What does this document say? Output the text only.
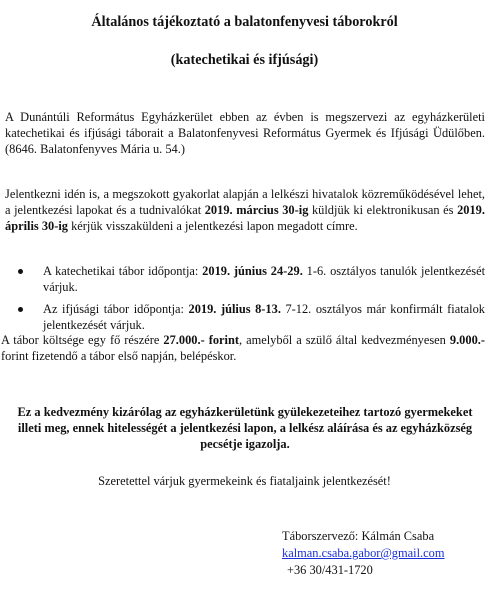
Általános tájékoztató a balatonfenyvesi táborokról
(katechetikai és ifjúsági)

A Dunántúli Református Egyházkerület ebben az évben is megszervezi az egyházkerületi katechetikai és ifjúsági táborait a Balatonfenyvesi Református Gyermek és Ifjúsági Üdülőben. (8646. Balatonfenyves Mária u. 54.)

Jelentkezni idén is, a megszokott gyakorlat alapján a lelkészi hivatalok közreműködésével lehet, a jelentkezési lapokat és a tudnivalókat 2019. március 30-ig küldjük ki elektronikusan és 2019. április 30-ig kérjük visszaküldeni a jelentkezési lapon megadott címre.

A katechetikai tábor időpontja: 2019. június 24-29. 1-6. osztályos tanulók jelentkezését várjuk.
Az ifjúsági tábor időpontja: 2019. július 8-13. 7-12. osztályos már konfirmált fiatalok jelentkezését várjuk.

A tábor költsége egy fő részére 27.000.- forint, amelyből a szülő által kedvezményesen 9.000.- forint fizetendő a tábor első napján, belépéskor.

Ez a kedvezmény kizárólag az egyházkerületünk gyülekezeteihez tartozó gyermekeket illeti meg, ennek hitelességét a jelentkezési lapon, a lelkész aláírása és az egyházközség pecsétje igazolja.

Szeretettel várjuk gyermekeink és fiataljaink jelentkezését!

Táborszervező: Kálmán Csaba

kalman.csaba.gabor@gmail.com

+36 30/431-1720
